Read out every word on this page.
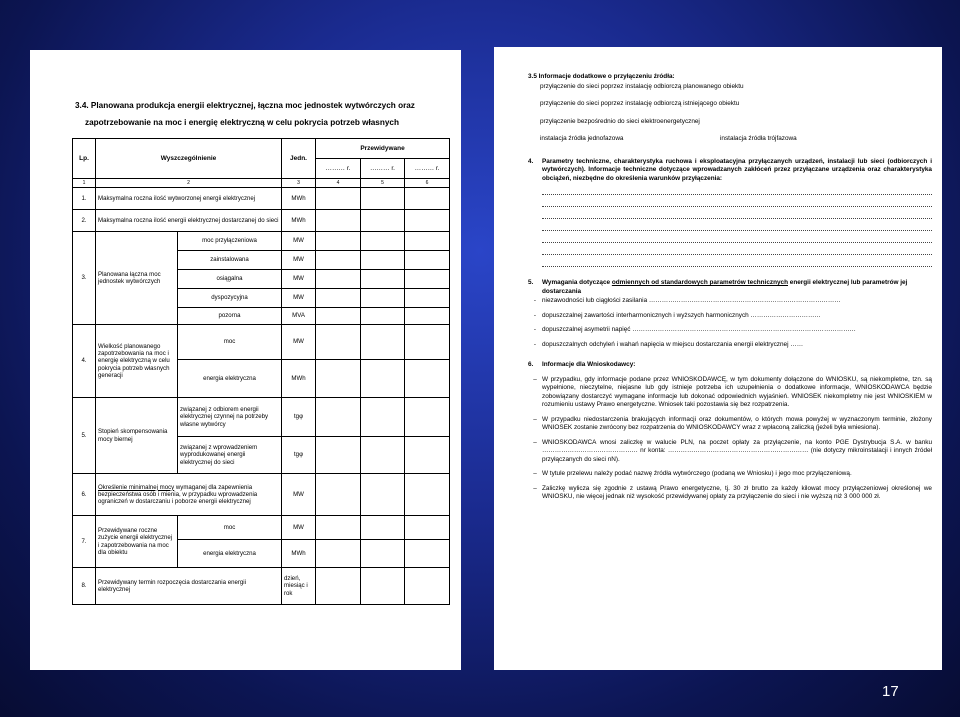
3.4. Planowana produkcja energii elektrycznej, łączna moc jednostek wytwórczych oraz
zapotrzebowanie na moc i energię elektryczną w celu pokrycia potrzeb własnych
Lp.	Wyszczególnienie		Jedn.	Przewidywane		
				……… r.	……… r.	……… r.
1	2		3	4	5	6
1.	Maksymalna roczna ilość wytworzonej energii elektrycznej		MWh			
2.	Maksymalna roczna ilość energii elektrycznej dostarczanej do sieci		MWh			
3.	Planowana łączna moc jednostek wytwórczych	moc przyłączeniowa	MW			
		zainstalowana	MW			
		osiągalna	MW			
		dyspozycyjna	MW			
		pozorna	MVA			
4.	Wielkość planowanego zapotrzebowania na moc i energię elektryczną w celu pokrycia potrzeb własnych generacji	moc	MW			
		energia elektryczna	MWh			
5.	Stopień skompensowania mocy biernej	związanej z odbiorem energii elektrycznej czynnej na potrzeby własne wytwórcy	tgφ			
		związanej z wprowadzeniem wyprodukowanej energii elektrycznej do sieci	tgφ			
6.	Określenie minimalnej mocy wymaganej dla zapewnienia bezpieczeństwa osób i mienia, w przypadku wprowadzenia ograniczeń w dostarczaniu i poborze energii elektrycznej		MW			
7.	Przewidywane roczne zużycie energii elektrycznej i zapotrzebowania na moc dla obiektu	moc	MW			
		energia elektryczna	MWh			
8.	Przewidywany termin rozpoczęcia dostarczania energii elektrycznej		dzień, miesiąc i rok			
3.5 Informacje dodatkowe o przyłączeniu źródła:
przyłączenie do sieci poprzez instalację odbiorczą planowanego obiektu
przyłączenie do sieci poprzez instalację odbiorczą istniejącego obiektu
przyłączenie bezpośrednio do sieci elektroenergetycznej
instalacja źródła jednofazowa	instalacja źródła trójfazowa
4.	Parametry techniczne, charakterystyka ruchowa i eksploatacyjna przyłączanych urządzeń, instalacji lub sieci (odbiorczych i wytwórczych). Informacje techniczne dotyczące wprowadzanych zakłóceń przez przyłączane urządzenia oraz charakterystyka obciążeń, niezbędne do określenia warunków przyłączenia:
5.	Wymagania dotyczące odmiennych od standardowych parametrów technicznych energii elektrycznej lub parametrów jej dostarczania
- niezawodności lub ciągłości zasilania ………………………………………………………………………………
- dopuszczalnej zawartości interharmonicznych i wyższych harmonicznych ……………………………
- dopuszczalnej asymetrii napięć ……………………………………………………………………………………………
- dopuszczalnych odchyleń i wahań napięcia w miejscu dostarczania energii elektrycznej ……
6.	Informacje dla Wnioskodawcy:
– W przypadku, gdy informacje podane przez WNIOSKODAWCĘ, w tym dokumenty dołączone do WNIOSKU, są niekompletne, tzn. są wypełnione, nieczytelne, niejasne lub gdy istnieje potrzeba ich uzupełnienia o dodatkowe informacje, WNIOSKODAWCA będzie zobowiązany dostarczyć wymagane informacje lub dokonać odpowiednich wyjaśnień. WNIOSEK niekompletny nie jest WNIOSKIEM w rozumieniu ustawy Prawo energetyczne. Wniosek taki pozostawia się bez rozpatrzenia.
– W przypadku niedostarczenia brakujących informacji oraz dokumentów, o których mowa powyżej w wyznaczonym terminie, złożony WNIOSEK zostanie zwrócony bez rozpatrzenia do WNIOSKODAWCY wraz z wpłaconą zaliczką (jeżeli była wniesiona).
– WNIOSKODAWCA wnosi zaliczkę w walucie PLN, na poczet opłaty za przyłączenie, na konto PGE Dystrybucja S.A. w banku ……………………………………… nr konta: ………………………………………………………… (nie dotyczy mikroinstalacji i innych źródeł przyłączanych do sieci nN).
– W tytule przelewu należy podać nazwę źródła wytwórczego (podaną we Wniosku) i jego moc przyłączeniową.
– Zaliczkę wylicza się zgodnie z ustawą Prawo energetyczne, tj. 30 zł brutto za każdy kilowat mocy przyłączeniowej określonej we WNIOSKU, nie więcej jednak niż wysokość przewidywanej opłaty za przyłączenie do sieci i nie wyższą niż 3 000 000 zł.
17
